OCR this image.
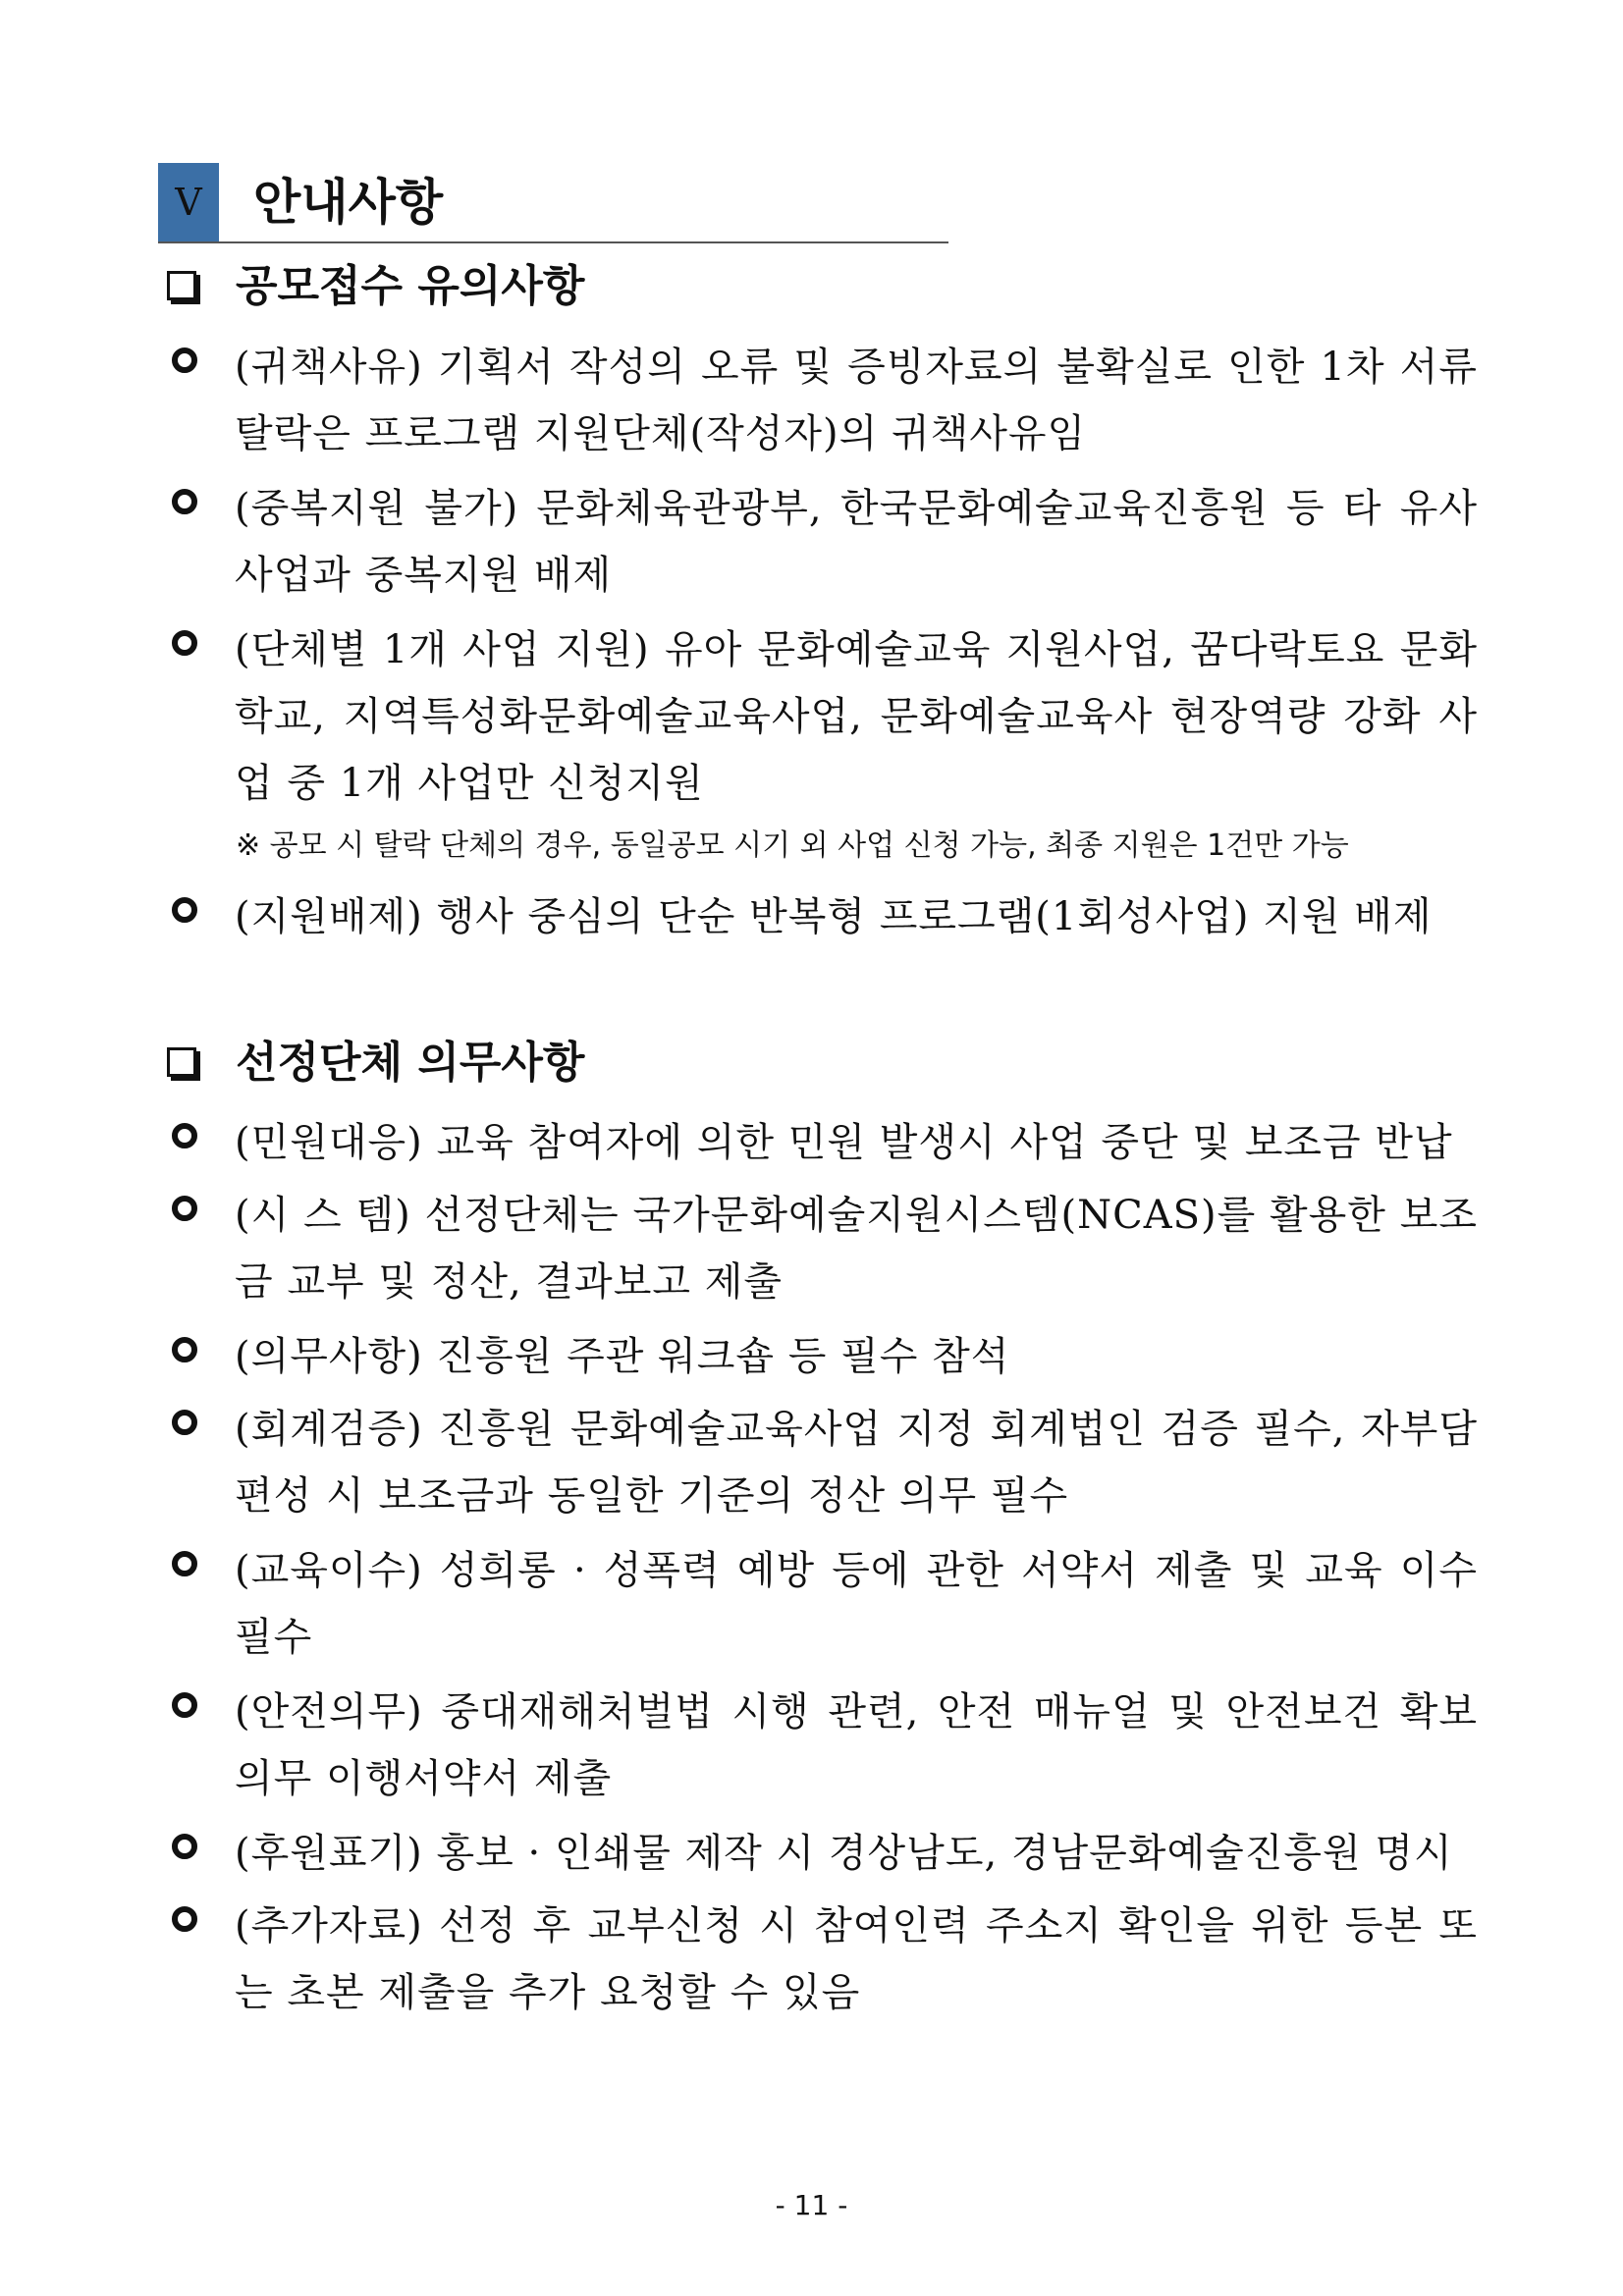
V	안내사항
공모접수 유의사항
(귀책사유) 기획서 작성의 오류 및 증빙자료의 불확실로 인한 1차 서류 탈락은 프로그램 지원단체(작성자)의 귀책사유임
(중복지원 불가) 문화체육관광부, 한국문화예술교육진흥원 등 타 유사사업과 중복지원 배제
(단체별 1개 사업 지원) 유아 문화예술교육 지원사업, 꿈다락토요 문화학교, 지역특성화문화예술교육사업, 문화예술교육사 현장역량 강화 사업 중 1개 사업만 신청지원
※ 공모 시 탈락 단체의 경우, 동일공모 시기 외 사업 신청 가능, 최종 지원은 1건만 가능
(지원배제) 행사 중심의 단순 반복형 프로그램(1회성사업) 지원 배제
선정단체 의무사항
(민원대응) 교육 참여자에 의한 민원 발생시 사업 중단 및 보조금 반납
(시 스 템) 선정단체는 국가문화예술지원시스템(NCAS)를 활용한 보조금 교부 및 정산, 결과보고 제출
(의무사항) 진흥원 주관 워크숍 등 필수 참석
(회계검증) 진흥원 문화예술교육사업 지정 회계법인 검증 필수, 자부담 편성 시 보조금과 동일한 기준의 정산 의무 필수
(교육이수) 성희롱 · 성폭력 예방 등에 관한 서약서 제출 및 교육 이수 필수
(안전의무) 중대재해처벌법 시행 관련, 안전 매뉴얼 및 안전보건 확보 의무 이행서약서 제출
(후원표기) 홍보 · 인쇄물 제작 시 경상남도, 경남문화예술진흥원 명시
(추가자료) 선정 후 교부신청 시 참여인력 주소지 확인을 위한 등본 또는 초본 제출을 추가 요청할 수 있음
- 11 -
